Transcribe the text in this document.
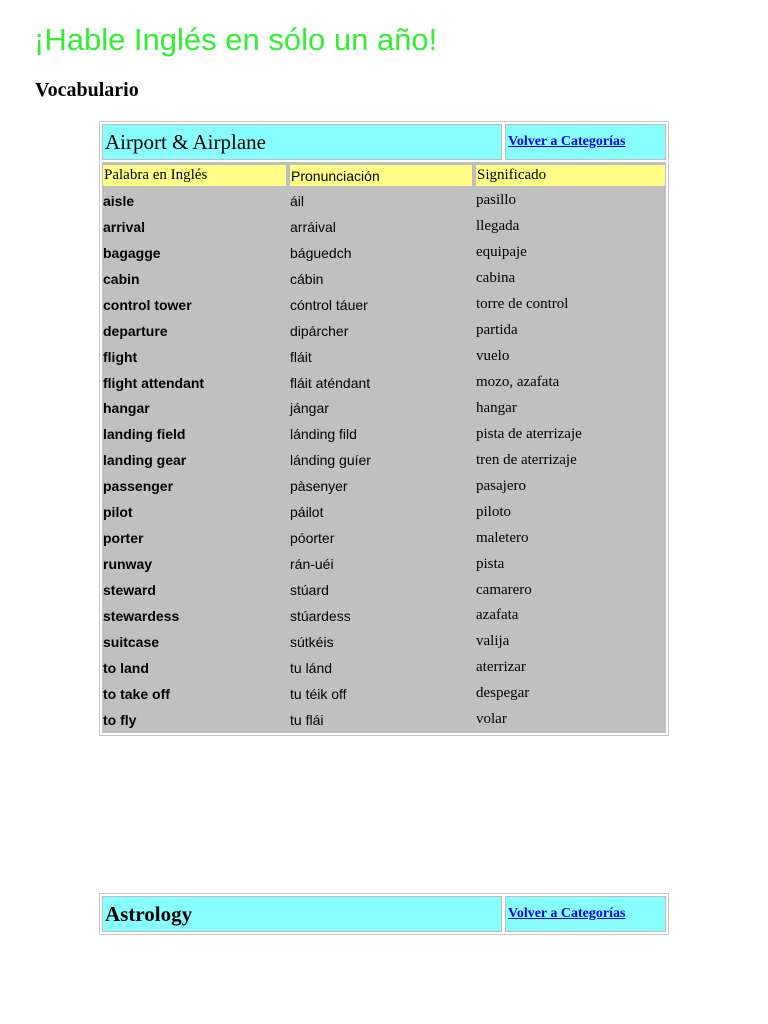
¡Hable Inglés en sólo un año!
Vocabulario
Airport & Airplane	Volver a Categorías
Palabra en Inglés	Pronunciación	Significado
aisle	áil	pasillo
arrival	arráival	llegada
bagagge	báguedch	equipaje
cabin	cábin	cabina
control tower	cóntrol táuer	torre de control
departure	dipárcher	partida
flight	fláit	vuelo
flight attendant	fláit aténdant	mozo, azafata
hangar	jángar	hangar
landing field	lánding fild	pista de aterrizaje
landing gear	lánding guíer	tren de aterrizaje
passenger	pàsenyer	pasajero
pilot	páilot	piloto
porter	póorter	maletero
runway	rán-uéi	pista
steward	stúard	camarero
stewardess	stúardess	azafata
suitcase	sútkéis	valija
to land	tu lánd	aterrizar
to take off	tu téik off	despegar
to fly	tu flái	volar
Astrology	Volver a Categorías
